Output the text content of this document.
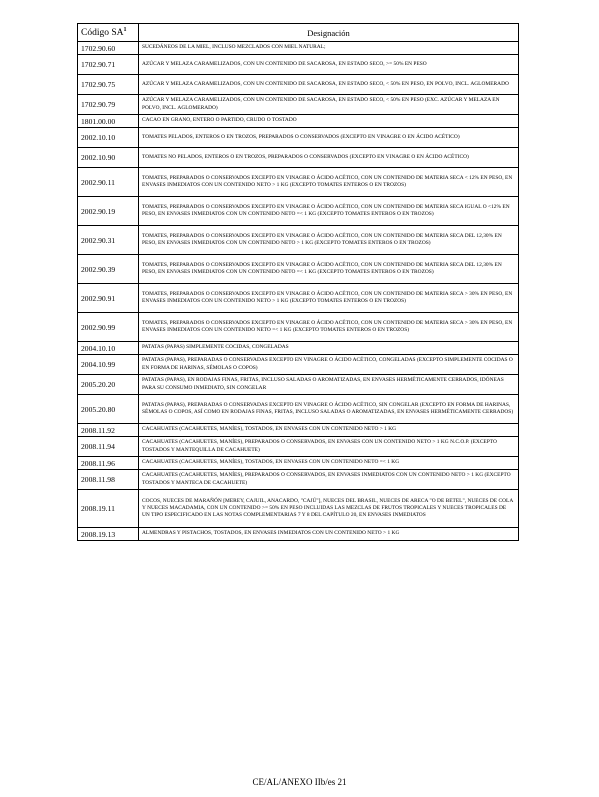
Código $SA^1$	Designación
1702.90.60	SUCEDÁNEOS DE LA MIEL, INCLUSO MEZCLADOS CON MIEL NATURAL;
1702.90.71	AZÚCAR Y MELAZA CARAMELIZADOS, CON UN CONTENIDO DE SACAROSA, EN ESTADO SECO, >= 50% EN PESO
1702.90.75	AZÚCAR Y MELAZA CARAMELIZADOS, CON UN CONTENIDO DE SACAROSA, EN ESTADO SECO, < 50% EN PESO, EN POLVO, INCL. AGLOMERADO
1702.90.79	AZÚCAR Y MELAZA CARAMELIZADOS, CON UN CONTENIDO DE SACAROSA, EN ESTADO SECO, < 50% EN PESO (EXC. AZÚCAR Y MELAZA EN POLVO, INCL. AGLOMERADO)
1801.00.00	CACAO EN GRANO, ENTERO O PARTIDO, CRUDO O TOSTADO
2002.10.10	TOMATES PELADOS, ENTEROS O EN TROZOS, PREPARADOS O CONSERVADOS (EXCEPTO EN VINAGRE O EN ÁCIDO ACÉTICO)
2002.10.90	TOMATES NO PELADOS, ENTEROS O EN TROZOS, PREPARADOS O CONSERVADOS (EXCEPTO EN VINAGRE O EN ÁCIDO ACÉTICO)
2002.90.11	TOMATES, PREPARADOS O CONSERVADOS EXCEPTO EN VINAGRE O ÁCIDO ACÉTICO, CON UN CONTENIDO DE MATERIA SECA < 12% EN PESO, EN ENVASES INMEDIATOS CON UN CONTENIDO NETO > 1 KG (EXCEPTO TOMATES ENTEROS O EN TROZOS)
2002.90.19	TOMATES, PREPARADOS O CONSERVADOS EXCEPTO EN VINAGRE O ÁCIDO ACÉTICO, CON UN CONTENIDO DE MATERIA SECA IGUAL O <12% EN PESO, EN ENVASES INMEDIATOS CON UN CONTENIDO NETO =< 1 KG (EXCEPTO TOMATES ENTEROS O EN TROZOS)
2002.90.31	TOMATES, PREPARADOS O CONSERVADOS EXCEPTO EN VINAGRE O ÁCIDO ACÉTICO, CON UN CONTENIDO DE MATERIA SECA DEL 12,30% EN PESO, EN ENVASES INMEDIATOS CON UN CONTENIDO NETO > 1 KG (EXCEPTO TOMATES ENTEROS O EN TROZOS)
2002.90.39	TOMATES, PREPARADOS O CONSERVADOS EXCEPTO EN VINAGRE O ÁCIDO ACÉTICO, CON UN CONTENIDO DE MATERIA SECA DEL 12,30% EN PESO, EN ENVASES INMEDIATOS CON UN CONTENIDO NETO =< 1 KG (EXCEPTO TOMATES ENTEROS O EN TROZOS)
2002.90.91	TOMATES, PREPARADOS O CONSERVADOS EXCEPTO EN VINAGRE O ÁCIDO ACÉTICO, CON UN CONTENIDO DE MATERIA SECA > 30% EN PESO, EN ENVASES INMEDIATOS CON UN CONTENIDO NETO > 1 KG (EXCEPTO TOMATES ENTEROS O EN TROZOS)
2002.90.99	TOMATES, PREPARADOS O CONSERVADOS EXCEPTO EN VINAGRE O ÁCIDO ACÉTICO, CON UN CONTENIDO DE MATERIA SECA > 30% EN PESO, EN ENVASES INMEDIATOS CON UN CONTENIDO NETO =< 1 KG (EXCEPTO TOMATES ENTEROS O EN TROZOS)
2004.10.10	PATATAS (PAPAS) SIMPLEMENTE COCIDAS, CONGELADAS
2004.10.99	PATATAS (PAPAS), PREPARADAS O CONSERVADAS EXCEPTO EN VINAGRE O ÁCIDO ACÉTICO, CONGELADAS (EXCEPTO SIMPLEMENTE COCIDAS O EN FORMA DE HARINAS, SÉMOLAS O COPOS)
2005.20.20	PATATAS (PAPAS), EN RODAJAS FINAS, FRITAS, INCLUSO SALADAS O AROMATIZADAS, EN ENVASES HERMÉTICAMENTE CERRADOS, IDÓNEAS PARA SU CONSUMO INMEDIATO, SIN CONGELAR
2005.20.80	PATATAS (PAPAS), PREPARADAS O CONSERVADAS EXCEPTO EN VINAGRE O ÁCIDO ACÉTICO, SIN CONGELAR (EXCEPTO EN FORMA DE HARINAS, SÉMOLAS O COPOS, ASÍ COMO EN RODAJAS FINAS, FRITAS, INCLUSO SALADAS O AROMATIZADAS, EN ENVASES HERMÉTICAMENTE CERRADOS)
2008.11.92	CACAHUATES (CACAHUETES, MANÍES), TOSTADOS, EN ENVASES CON UN CONTENIDO NETO > 1 KG
2008.11.94	CACAHUATES (CACAHUETES, MANÍES), PREPARADOS O CONSERVADOS, EN ENVASES CON UN CONTENIDO NETO > 1 KG N.C.O.P. (EXCEPTO TOSTADOS Y MANTEQUILLA DE CACAHUETE)
2008.11.96	CACAHUATES (CACAHUETES, MANÍES), TOSTADOS, EN ENVASES CON UN CONTENIDO NETO =< 1 KG
2008.11.98	CACAHUATES (CACAHUETES, MANÍES), PREPARADOS O CONSERVADOS, EN ENVASES INMEDIATOS CON UN CONTENIDO NETO > 1 KG (EXCEPTO TOSTADOS Y MANTECA DE CACAHUETE)
2008.19.11	COCOS, NUECES DE MARAÑÓN [MEREY, CAJUIL, ANACARDO, "CAJÚ"], NUECES DEL BRASIL, NUECES DE ARECA "O DE BETEL", NUECES DE COLA Y NUECES MACADAMIA, CON UN CONTENIDO >= 50% EN PESO INCLUIDAS LAS MEZCLAS DE FRUTOS TROPICALES Y NUECES TROPICALES DE UN TIPO ESPECIFICADO EN LAS NOTAS COMPLEMENTARIAS 7 Y 8 DEL CAPÍTULO 20, EN ENVASES INMEDIATOS
2008.19.13	ALMENDRAS Y PISTACHOS, TOSTADOS, EN ENVASES INMEDIATOS CON UN CONTENIDO NETO > 1 KG
CE/AL/ANEXO IIb/es 21
